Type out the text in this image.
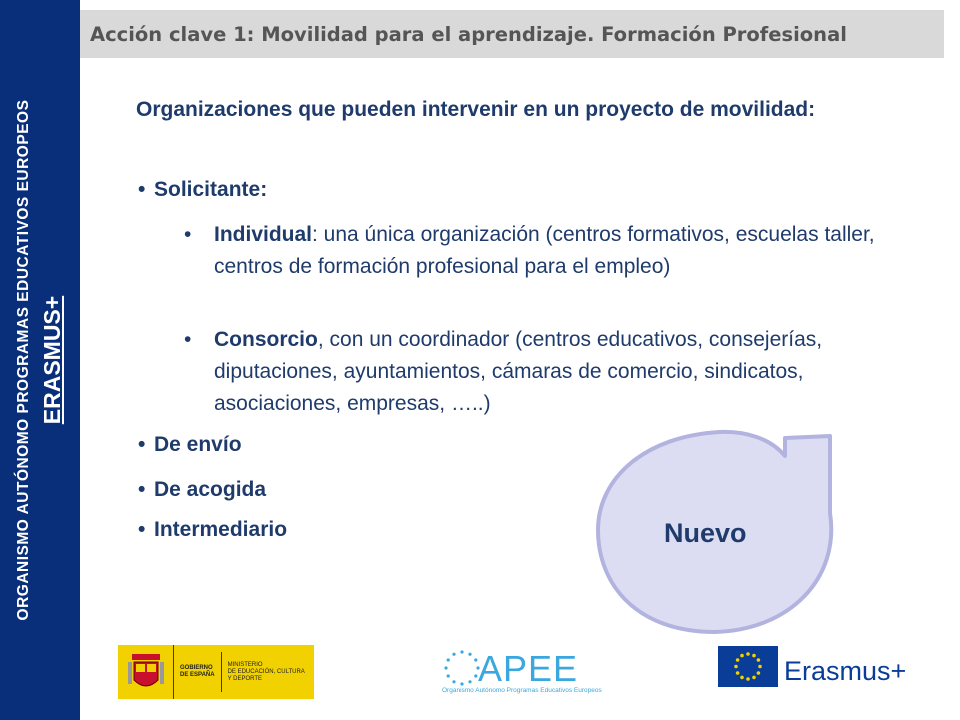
ORGANISMO AUTÓNOMO PROGRAMAS EDUCATIVOS EUROPEOS ERASMUS+
Acción clave 1: Movilidad para el aprendizaje. Formación Profesional
Organizaciones que pueden intervenir en un proyecto de movilidad:
• Solicitante:
•	Individual: una única organización (centros formativos, escuelas taller, centros de formación profesional para el empleo)
•	Consorcio, con un coordinador (centros educativos, consejerías, diputaciones, ayuntamientos, cámaras de comercio, sindicatos, asociaciones, empresas, …..)
• De envío
• De acogida
• Intermediario	Nuevo
GOBIERNO
DE ESPAÑA
MINISTERIO
DE EDUCACIÓN, CULTURA
Y DEPORTE	APEE
Organismo Autónomo Programas Educativos Europeos
Erasmus+
